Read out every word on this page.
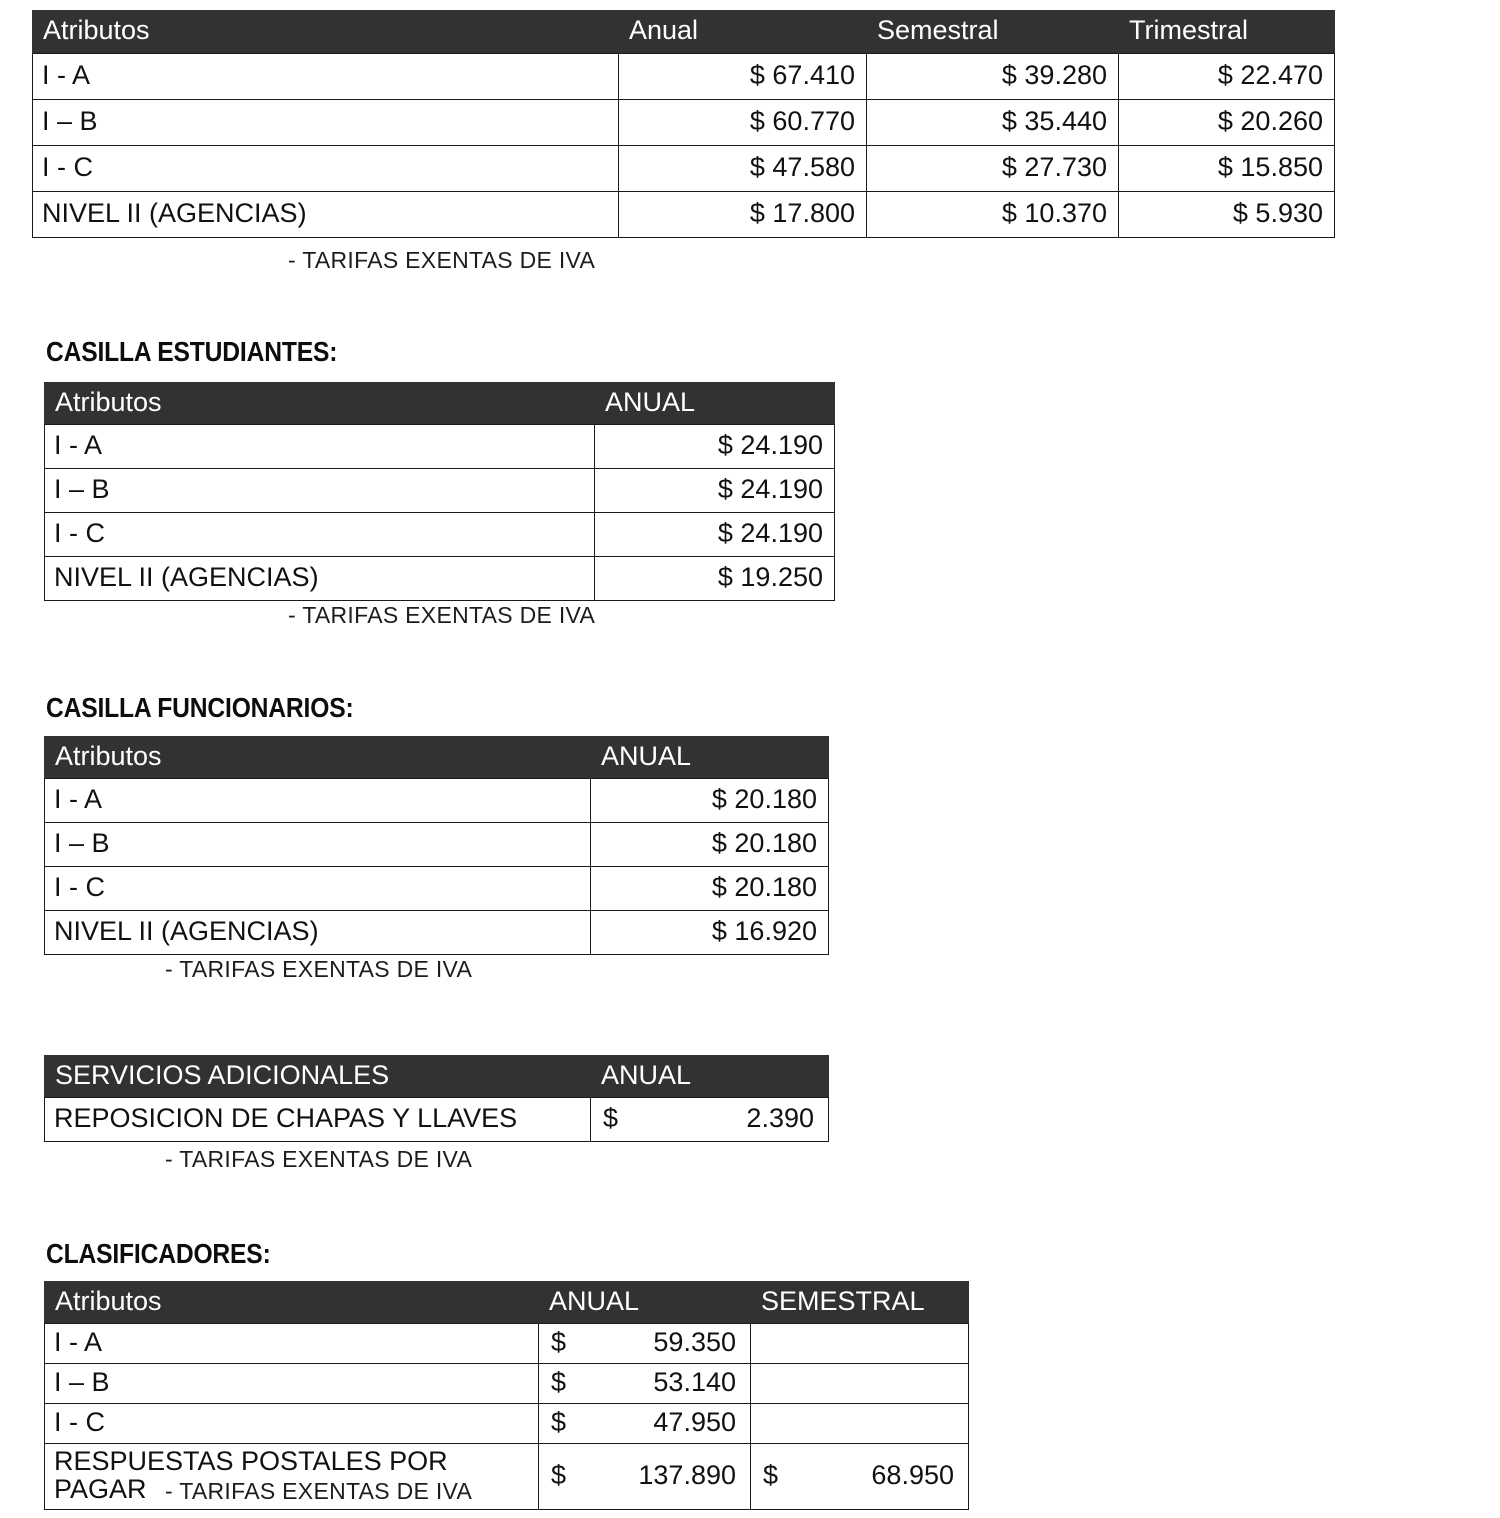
Atributos	Anual	Semestral	Trimestral

I - A	$ 67.410	$ 39.280	$ 22.470

I – B	$ 60.770	$ 35.440	$ 20.260

I - C	$ 47.580	$ 27.730	$ 15.850

NIVEL II (AGENCIAS)	$ 17.800	$ 10.370	$ 5.930
- TARIFAS EXENTAS DE IVA
CASILLA ESTUDIANTES:
Atributos	ANUAL

I - A	$ 24.190

I – B	$ 24.190

I - C	$ 24.190

NIVEL II (AGENCIAS)	$ 19.250
- TARIFAS EXENTAS DE IVA
CASILLA FUNCIONARIOS:
Atributos	ANUAL

I - A	$ 20.180

I – B	$ 20.180

I - C	$ 20.180

NIVEL II (AGENCIAS)	$ 16.920
- TARIFAS EXENTAS DE IVA
SERVICIOS ADICIONALES	ANUAL

REPOSICION DE CHAPAS Y LLAVES	$ 2.390
- TARIFAS EXENTAS DE IVA
CLASIFICADORES:
Atributos	ANUAL	SEMESTRAL

I - A	$ 59.350	

I – B	$ 53.140	

I - C	$ 47.950	

RESPUESTAS POSTALES POR PAGAR	$ 137.890	$ 68.950
- TARIFAS EXENTAS DE IVA
